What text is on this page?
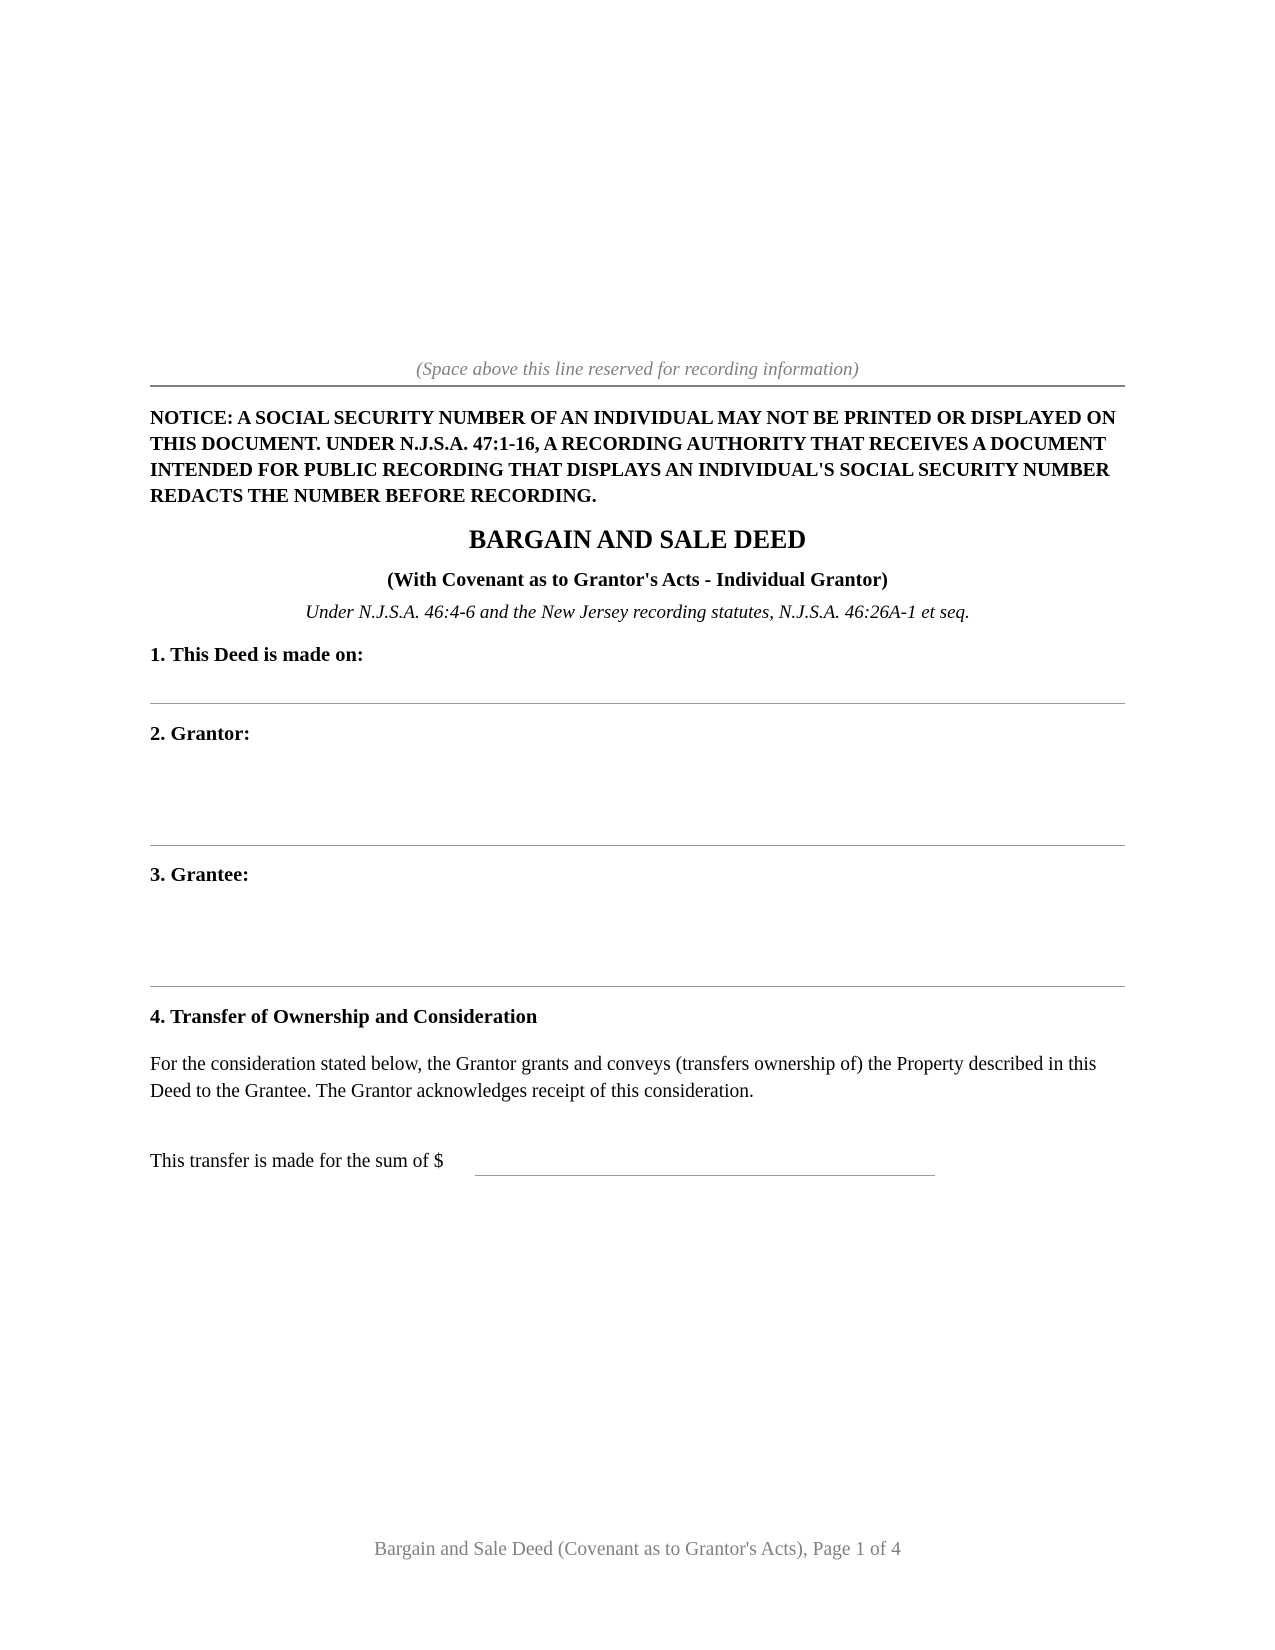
(Space above this line reserved for recording information)

NOTICE: A SOCIAL SECURITY NUMBER OF AN INDIVIDUAL MAY NOT BE PRINTED OR DISPLAYED ON THIS DOCUMENT. UNDER N.J.S.A. 47:1-16, A RECORDING AUTHORITY THAT RECEIVES A DOCUMENT INTENDED FOR PUBLIC RECORDING THAT DISPLAYS AN INDIVIDUAL'S SOCIAL SECURITY NUMBER REDACTS THE NUMBER BEFORE RECORDING.

BARGAIN AND SALE DEED
(With Covenant as to Grantor's Acts - Individual Grantor)

Under N.J.S.A. 46:4-6 and the New Jersey recording statutes, N.J.S.A. 46:26A-1 et seq.

1. This Deed is made on:
2. Grantor:
3. Grantee:
4. Transfer of Ownership and Consideration

For the consideration stated below, the Grantor grants and conveys (transfers ownership of) the Property described in this Deed to the Grantee. The Grantor acknowledges receipt of this consideration.

This transfer is made for the sum of $
Bargain and Sale Deed (Covenant as to Grantor's Acts), Page 1 of 4
